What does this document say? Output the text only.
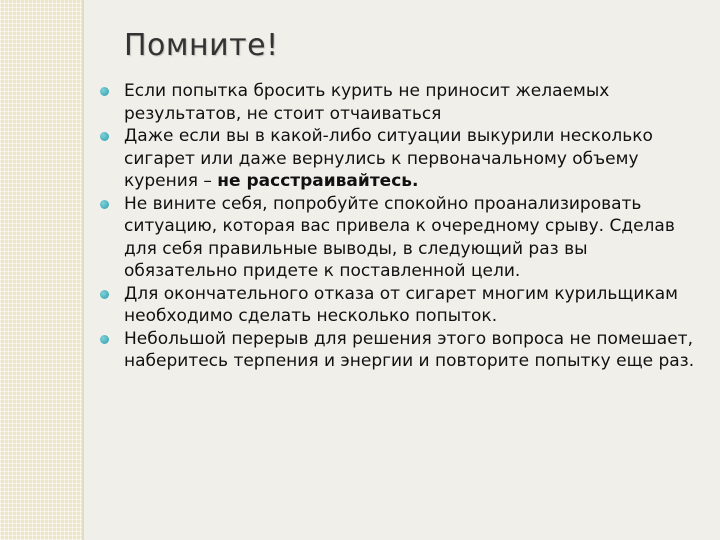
Помните!
Если попытка бросить курить не приносит желаемых результатов, не стоит отчаиваться
Даже если вы в какой-либо ситуации выкурили несколько сигарет или даже вернулись к первоначальному объему курения – не расстраивайтесь.
Не вините себя, попробуйте спокойно проанализировать ситуацию, которая вас привела к очередному срыву. Сделав для себя правильные выводы, в следующий раз вы обязательно придете к поставленной цели.
Для окончательного отказа от сигарет многим курильщикам необходимо сделать несколько попыток.
Небольшой перерыв для решения этого вопроса не помешает, наберитесь терпения и энергии и повторите попытку еще раз.
